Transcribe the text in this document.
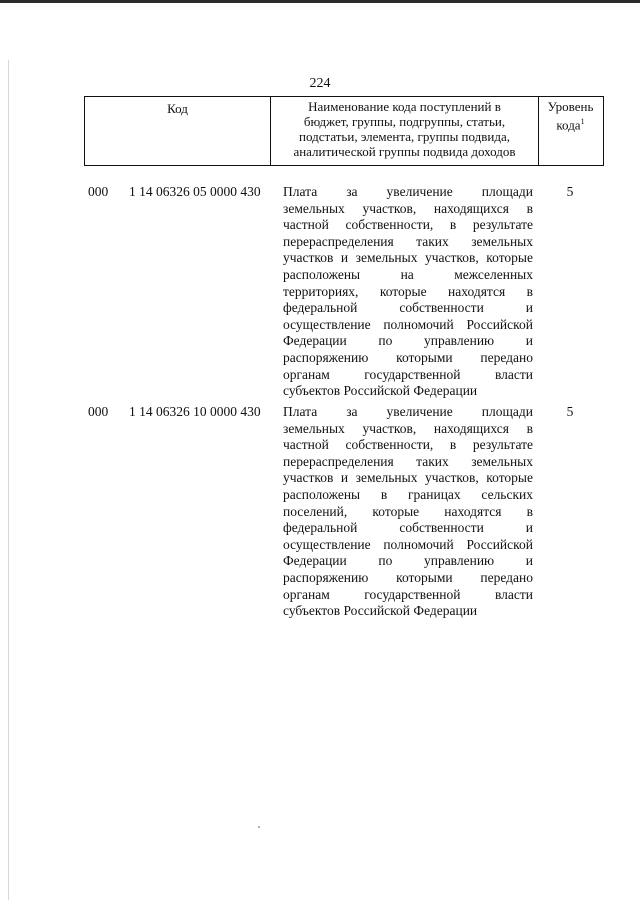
224
Код	Наименование кода поступлений в
бюджет, группы, подгруппы, статьи,
подстатьи, элемента, группы подвида,
аналитической группы подвида доходов
Уровень
кода$^1$
000 1 14 06326 05 0000 430 Плата за увеличение площади
земельных участков, находящихся в
частной собственности, в результате
перераспределения таких земельных
участков и земельных участков, которые
расположены на межселенных
территориях, которые находятся в
федеральной собственности и
осуществление полномочий Российской
Федерации по управлению и
распоряжению которыми передано
органам государственной власти
субъектов Российской Федерации
5
000 1 14 06326 10 0000 430 Плата за увеличение площади
земельных участков, находящихся в
частной собственности, в результате
перераспределения таких земельных
участков и земельных участков, которые
расположены в границах сельских
поселений, которые находятся в
федеральной собственности и
осуществление полномочий Российской
Федерации по управлению и
распоряжению которыми передано
органам государственной власти
субъектов Российской Федерации
5
